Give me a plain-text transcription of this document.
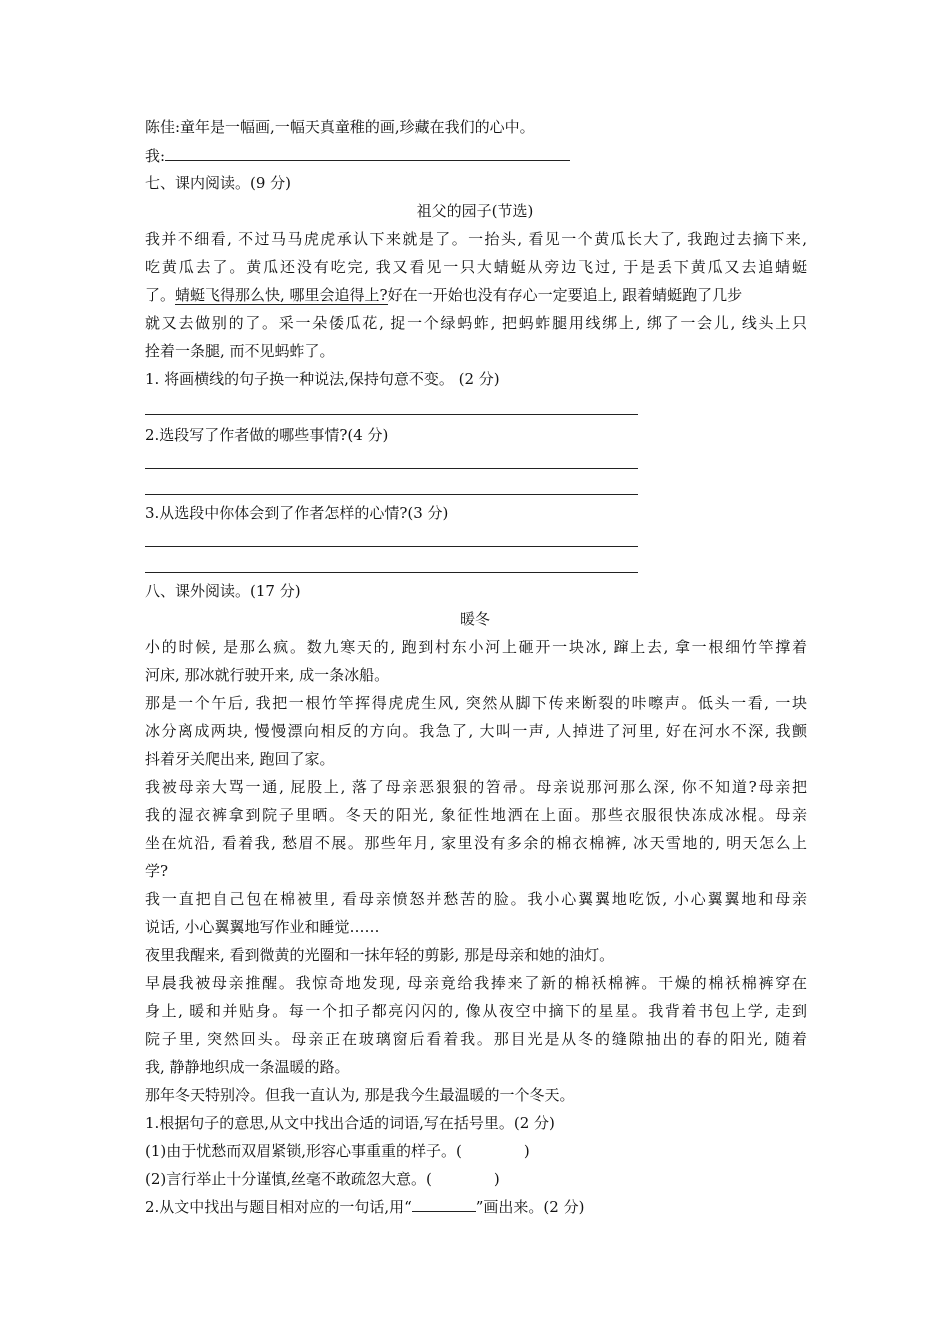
陈佳:童年是一幅画,一幅天真童稚的画,珍藏在我们的心中。
我:
七、课内阅读。(9 分)
祖父的园子(节选)
我并不细看, 不过马马虎虎承认下来就是了。一抬头, 看见一个黄瓜长大了, 我跑过去摘下来,
吃黄瓜去了。黄瓜还没有吃完, 我又看见一只大蜻蜓从旁边飞过, 于是丢下黄瓜又去追蜻蜓
了。蜻蜓飞得那么快, 哪里会追得上?好在一开始也没有存心一定要追上, 跟着蜻蜓跑了几步
就又去做别的了。采一朵倭瓜花, 捉一个绿蚂蚱, 把蚂蚱腿用线绑上, 绑了一会儿, 线头上只
拴着一条腿, 而不见蚂蚱了。
1. 将画横线的句子换一种说法,保持句意不变。 (2 分)
2.选段写了作者做的哪些事情?(4 分)
3.从选段中你体会到了作者怎样的心情?(3 分)
八、课外阅读。(17 分)
暖冬
小的时候, 是那么疯。数九寒天的, 跑到村东小河上砸开一块冰, 蹿上去, 拿一根细竹竿撑着
河床, 那冰就行驶开来, 成一条冰船。
那是一个午后, 我把一根竹竿挥得虎虎生风, 突然从脚下传来断裂的咔嚓声。低头一看, 一块
冰分离成两块, 慢慢漂向相反的方向。我急了, 大叫一声, 人掉进了河里, 好在河水不深, 我颤
抖着牙关爬出来, 跑回了家。
我被母亲大骂一通, 屁股上, 落了母亲恶狠狠的笤帚。母亲说那河那么深, 你不知道?母亲把
我的湿衣裤拿到院子里晒。冬天的阳光, 象征性地洒在上面。那些衣服很快冻成冰棍。母亲
坐在炕沿, 看着我, 愁眉不展。那些年月, 家里没有多余的棉衣棉裤, 冰天雪地的, 明天怎么上
学?
我一直把自己包在棉被里, 看母亲愤怒并愁苦的脸。我小心翼翼地吃饭, 小心翼翼地和母亲
说话, 小心翼翼地写作业和睡觉……
夜里我醒来, 看到微黄的光圈和一抹年轻的剪影, 那是母亲和她的油灯。
早晨我被母亲推醒。我惊奇地发现, 母亲竟给我捧来了新的棉袄棉裤。干燥的棉袄棉裤穿在
身上, 暖和并贴身。每一个扣子都亮闪闪的, 像从夜空中摘下的星星。我背着书包上学, 走到
院子里, 突然回头。母亲正在玻璃窗后看着我。那目光是从冬的缝隙抽出的春的阳光, 随着
我, 静静地织成一条温暖的路。
那年冬天特别冷。但我一直认为, 那是我今生最温暖的一个冬天。
1.根据句子的意思,从文中找出合适的词语,写在括号里。(2 分)
(1)由于忧愁而双眉紧锁,形容心事重重的样子。(	)
(2)言行举止十分谨慎,丝毫不敢疏忽大意。(	)
2.从文中找出与题目相对应的一句话,用“	”画出来。(2 分)
